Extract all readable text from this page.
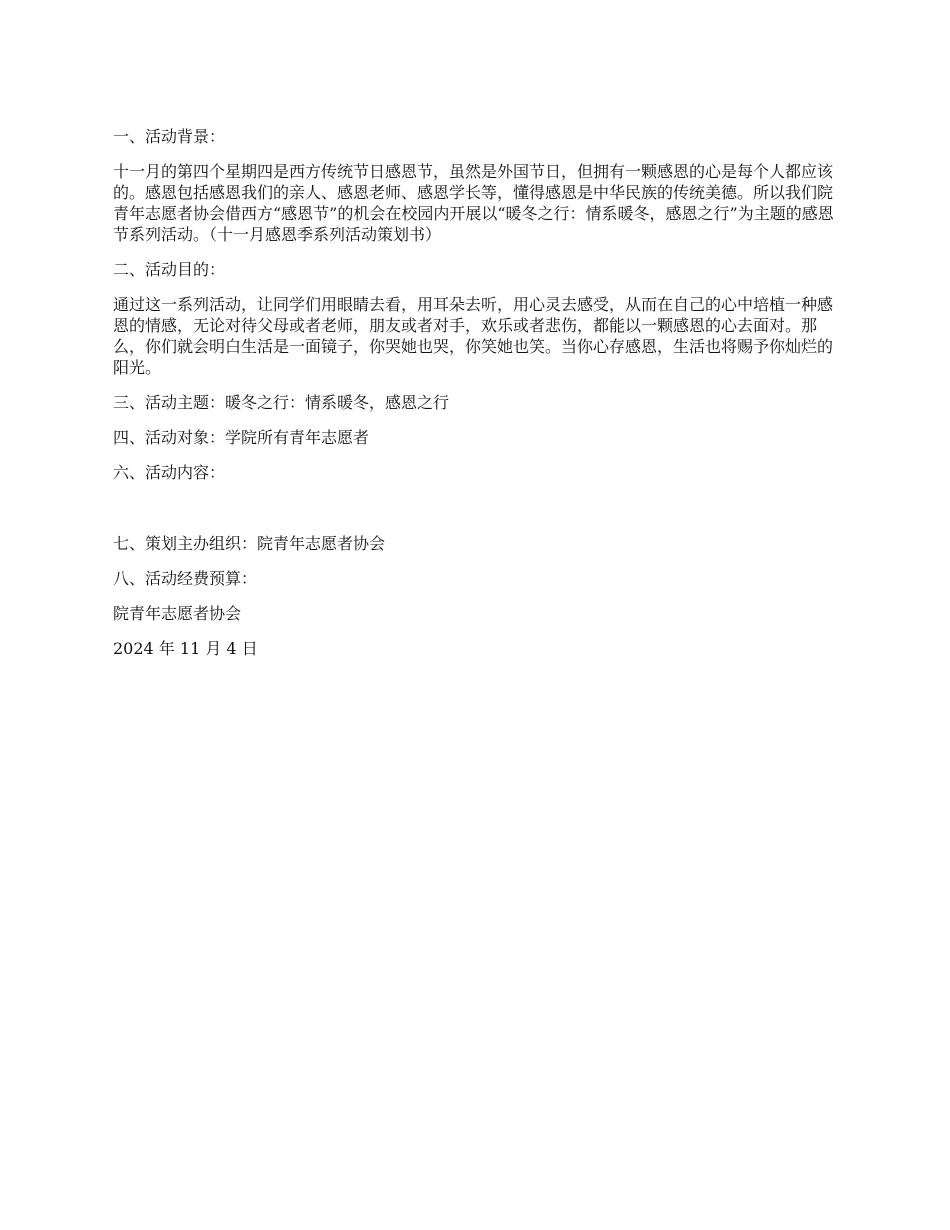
一、活动背景：

十一月的第四个星期四是西方传统节日感恩节，虽然是外国节日，但拥有一颗感恩的心是每个人都应该的。感恩包括感恩我们的亲人、感恩老师、感恩学长等，懂得感恩是中华民族的传统美德。所以我们院青年志愿者协会借西方“感恩节”的机会在校园内开展以“暖冬之行：情系暖冬，感恩之行”为主题的感恩节系列活动。（十一月感恩季系列活动策划书）

二、活动目的：

通过这一系列活动，让同学们用眼睛去看，用耳朵去听，用心灵去感受，从而在自己的心中培植一种感恩的情感，无论对待父母或者老师，朋友或者对手，欢乐或者悲伤，都能以一颗感恩的心去面对。那么，你们就会明白生活是一面镜子，你哭她也哭，你笑她也笑。当你心存感恩，生活也将赐予你灿烂的阳光。

三、活动主题：暖冬之行：情系暖冬，感恩之行

四、活动对象：学院所有青年志愿者

六、活动内容：

七、策划主办组织：院青年志愿者协会

八、活动经费预算：

院青年志愿者协会

2024 年 11 月 4 日
